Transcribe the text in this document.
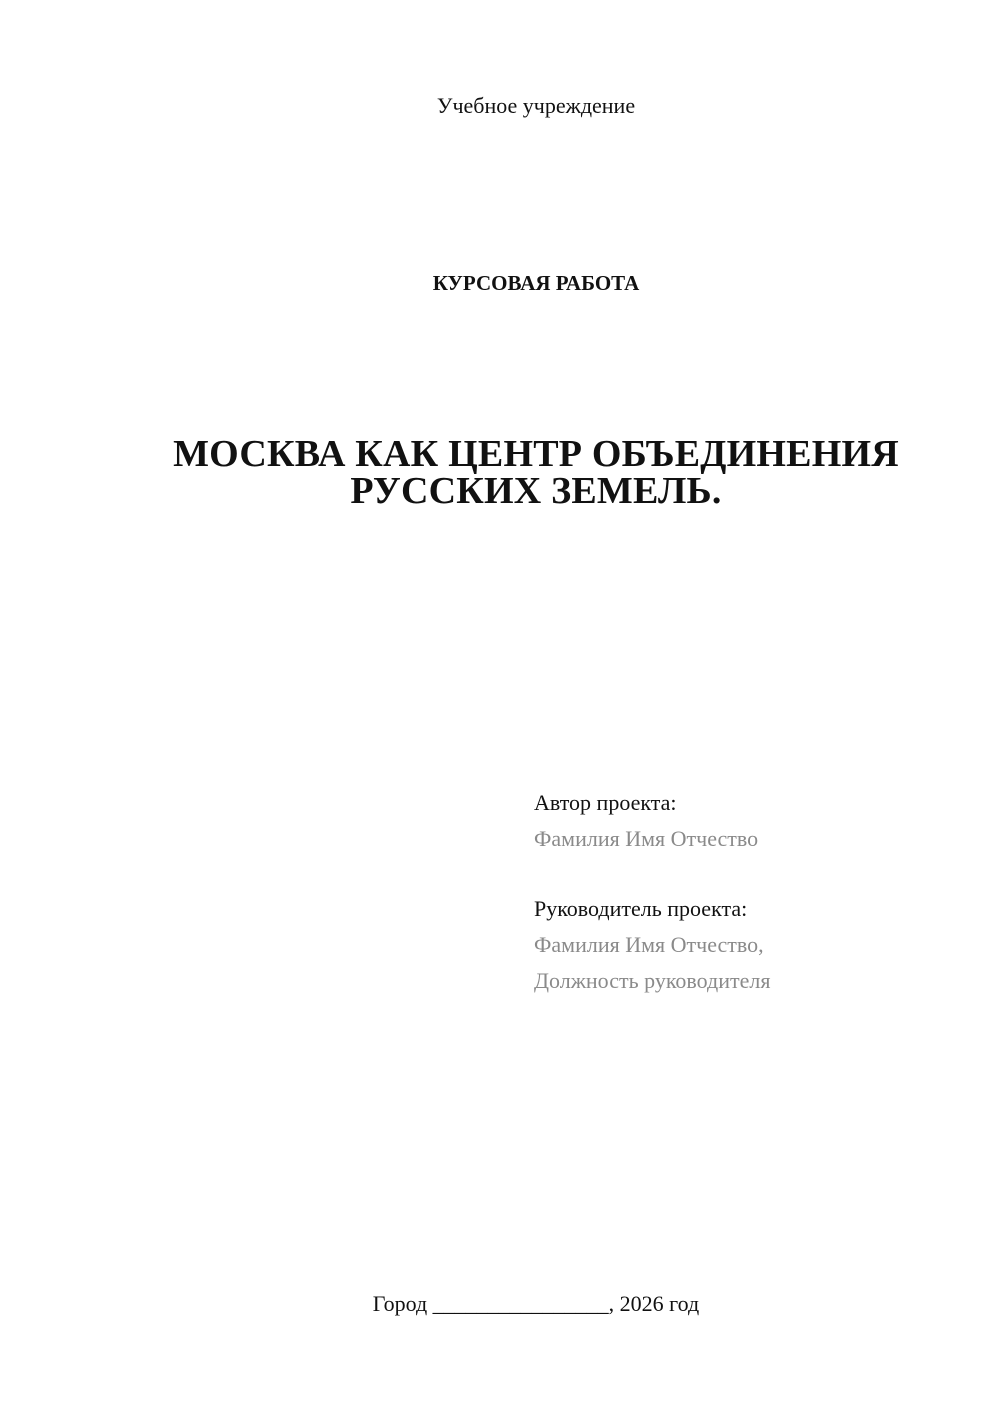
Учебное учреждение
КУРСОВАЯ РАБОТА
МОСКВА КАК ЦЕНТР ОБЪЕДИНЕНИЯ
РУССКИХ ЗЕМЕЛЬ.
Автор проекта:
Фамилия Имя Отчество
Руководитель проекта:
Фамилия Имя Отчество,
Должность руководителя
Город ________________, 2026 год
